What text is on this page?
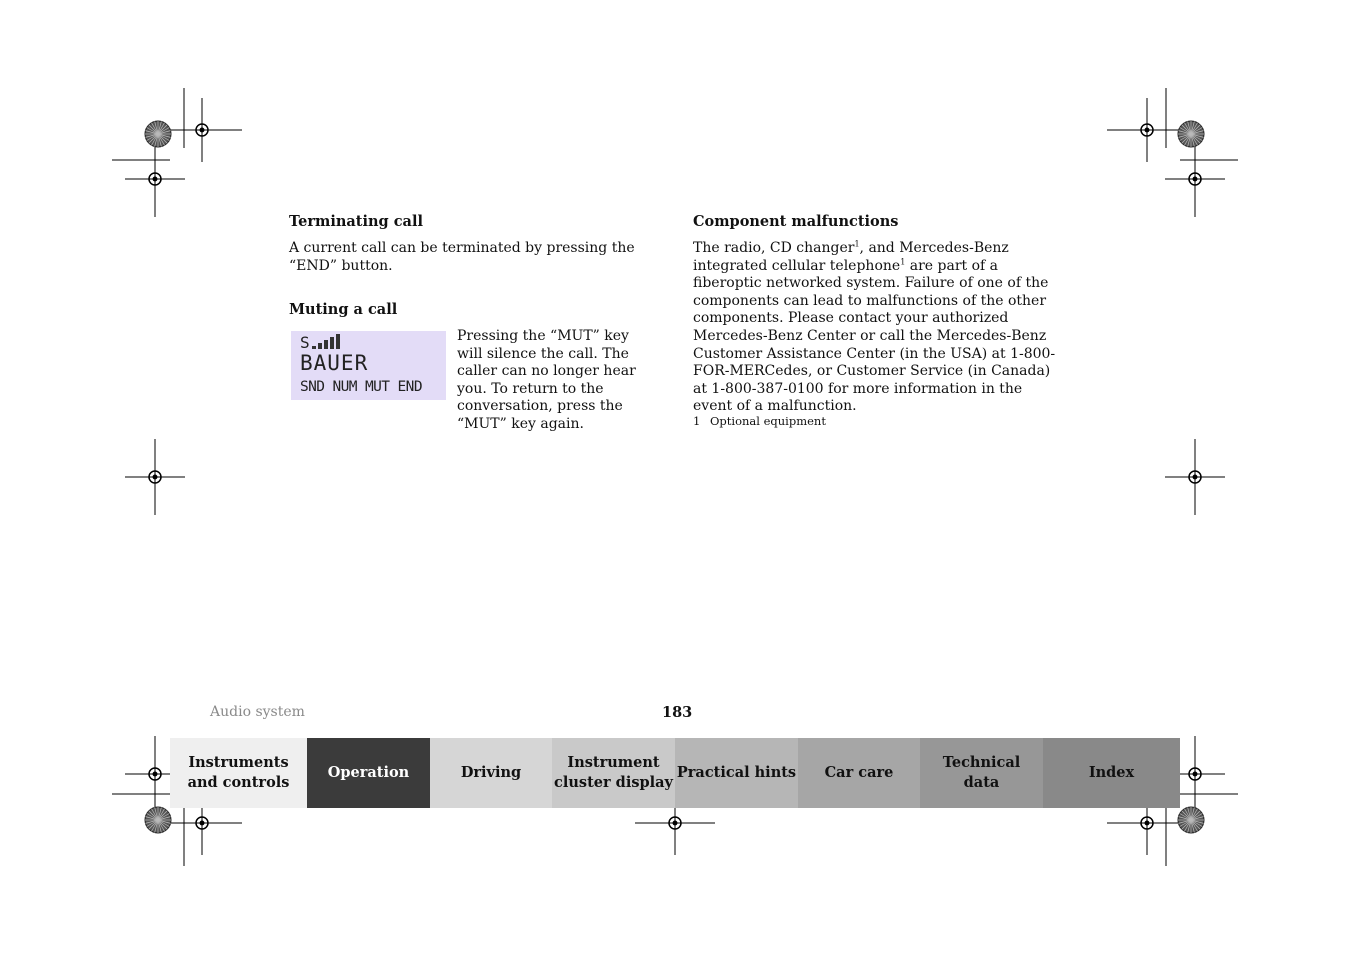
Terminating call
A current call can be terminated by pressing the “END” button.
Muting a call
S
BAUER
SND NUM MUT END
Pressing the “MUT” key will silence the call. The caller can no longer hear you. To return to the conversation, press the “MUT” key again.
Component malfunctions
The radio, CD changer$^1$, and Mercedes-Benz integrated cellular telephone$^1$ are part of a fiberoptic networked system. Failure of one of the components can lead to malfunctions of the other components. Please contact your authorized Mercedes-Benz Center or call the Mercedes-Benz Customer Assistance Center (in the USA) at 1-800-FOR-MERCedes, or Customer Service (in Canada) at 1-800-387-0100 for more information in the event of a malfunction.
1 Optional equipment
Audio system	183
Instruments
and controls
Operation	Driving
Instrument
cluster display
Practical hints	Car care
Technical
data
Index
